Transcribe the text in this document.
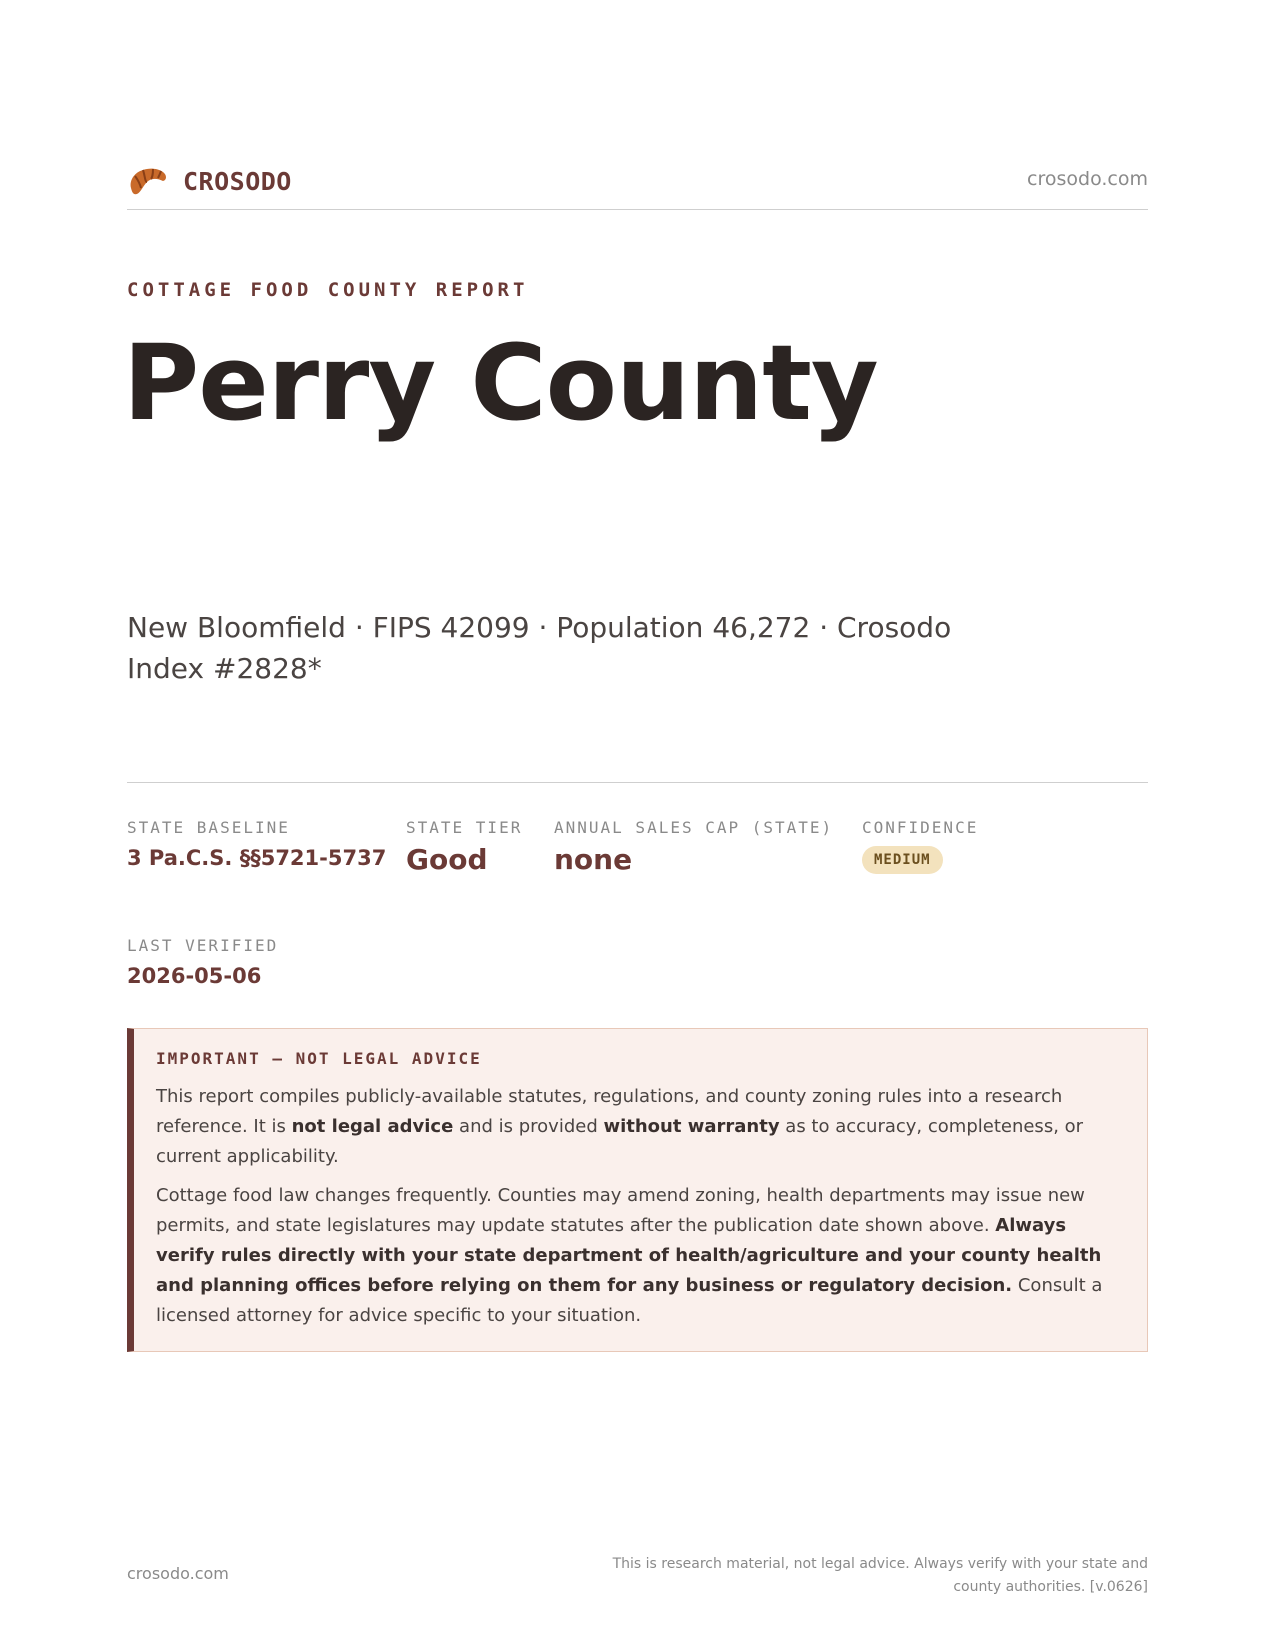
CROSODO	crosodo.com
COTTAGE FOOD COUNTY REPORT
Perry County
New Bloomfield · FIPS 42099 · Population 46,272 · Crosodo Index #2828*
STATE BASELINE
3 Pa.C.S. §§5721-5737
STATE TIER
Good
ANNUAL SALES CAP (STATE)
none
CONFIDENCE
MEDIUM
LAST VERIFIED
2026-05-06
IMPORTANT — NOT LEGAL ADVICE

This report compiles publicly-available statutes, regulations, and county zoning rules into a research reference. It is not legal advice and is provided without warranty as to accuracy, completeness, or current applicability.

Cottage food law changes frequently. Counties may amend zoning, health departments may issue new permits, and state legislatures may update statutes after the publication date shown above. Always verify rules directly with your state department of health/agriculture and your county health and planning offices before relying on them for any business or regulatory decision. Consult a licensed attorney for advice specific to your situation.

crosodo.com	This is research material, not legal advice. Always verify with your state and county authorities. [v.0626]
